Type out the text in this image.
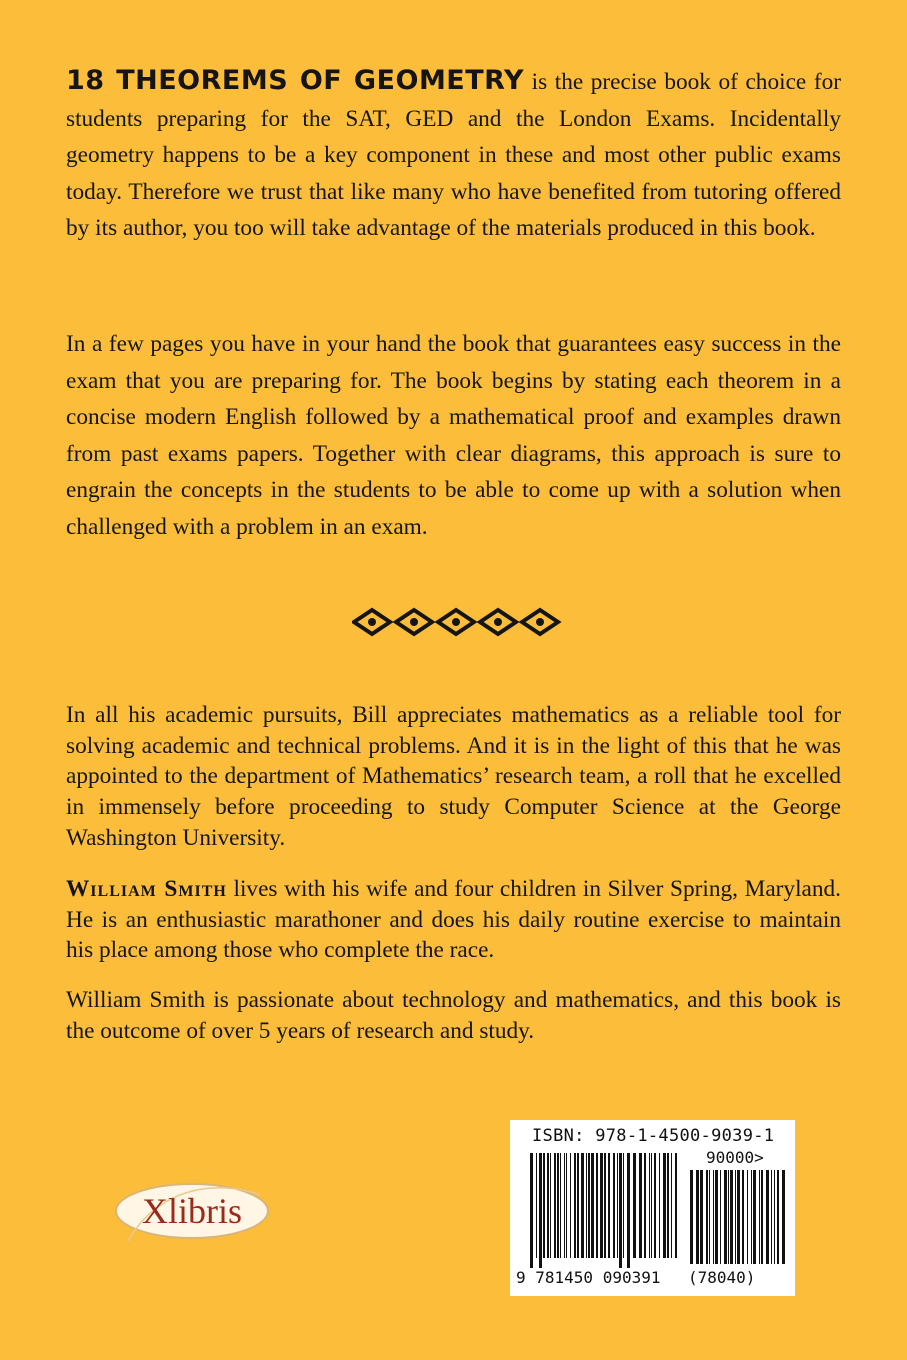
18 THEOREMS OF GEOMETRY is the precise book of choice for students preparing for the SAT, GED and the London Exams. Incidentally geometry happens to be a key component in these and most other public exams today. Therefore we trust that like many who have benefited from tutoring offered by its author, you too will take advantage of the materials produced in this book.

In a few pages you have in your hand the book that guarantees easy success in the exam that you are preparing for. The book begins by stating each theorem in a concise modern English followed by a mathematical proof and examples drawn from past exams papers. Together with clear diagrams, this approach is sure to engrain the concepts in the students to be able to come up with a solution when challenged with a problem in an exam.

In all his academic pursuits, Bill appreciates mathematics as a reliable tool for solving academic and technical problems. And it is in the light of this that he was appointed to the department of Mathematics’ research team, a roll that he excelled in immensely before proceeding to study Computer Science at the George Washington University.

William Smith lives with his wife and four children in Silver Spring, Maryland. He is an enthusiastic marathoner and does his daily routine exercise to maintain his place among those who complete the race.

William Smith is passionate about technology and mathematics, and this book is the outcome of over 5 years of research and study.

Xlibris
ISBN: 978-1-4500-9039-1
90000>
9 781450 090391 (78040)
